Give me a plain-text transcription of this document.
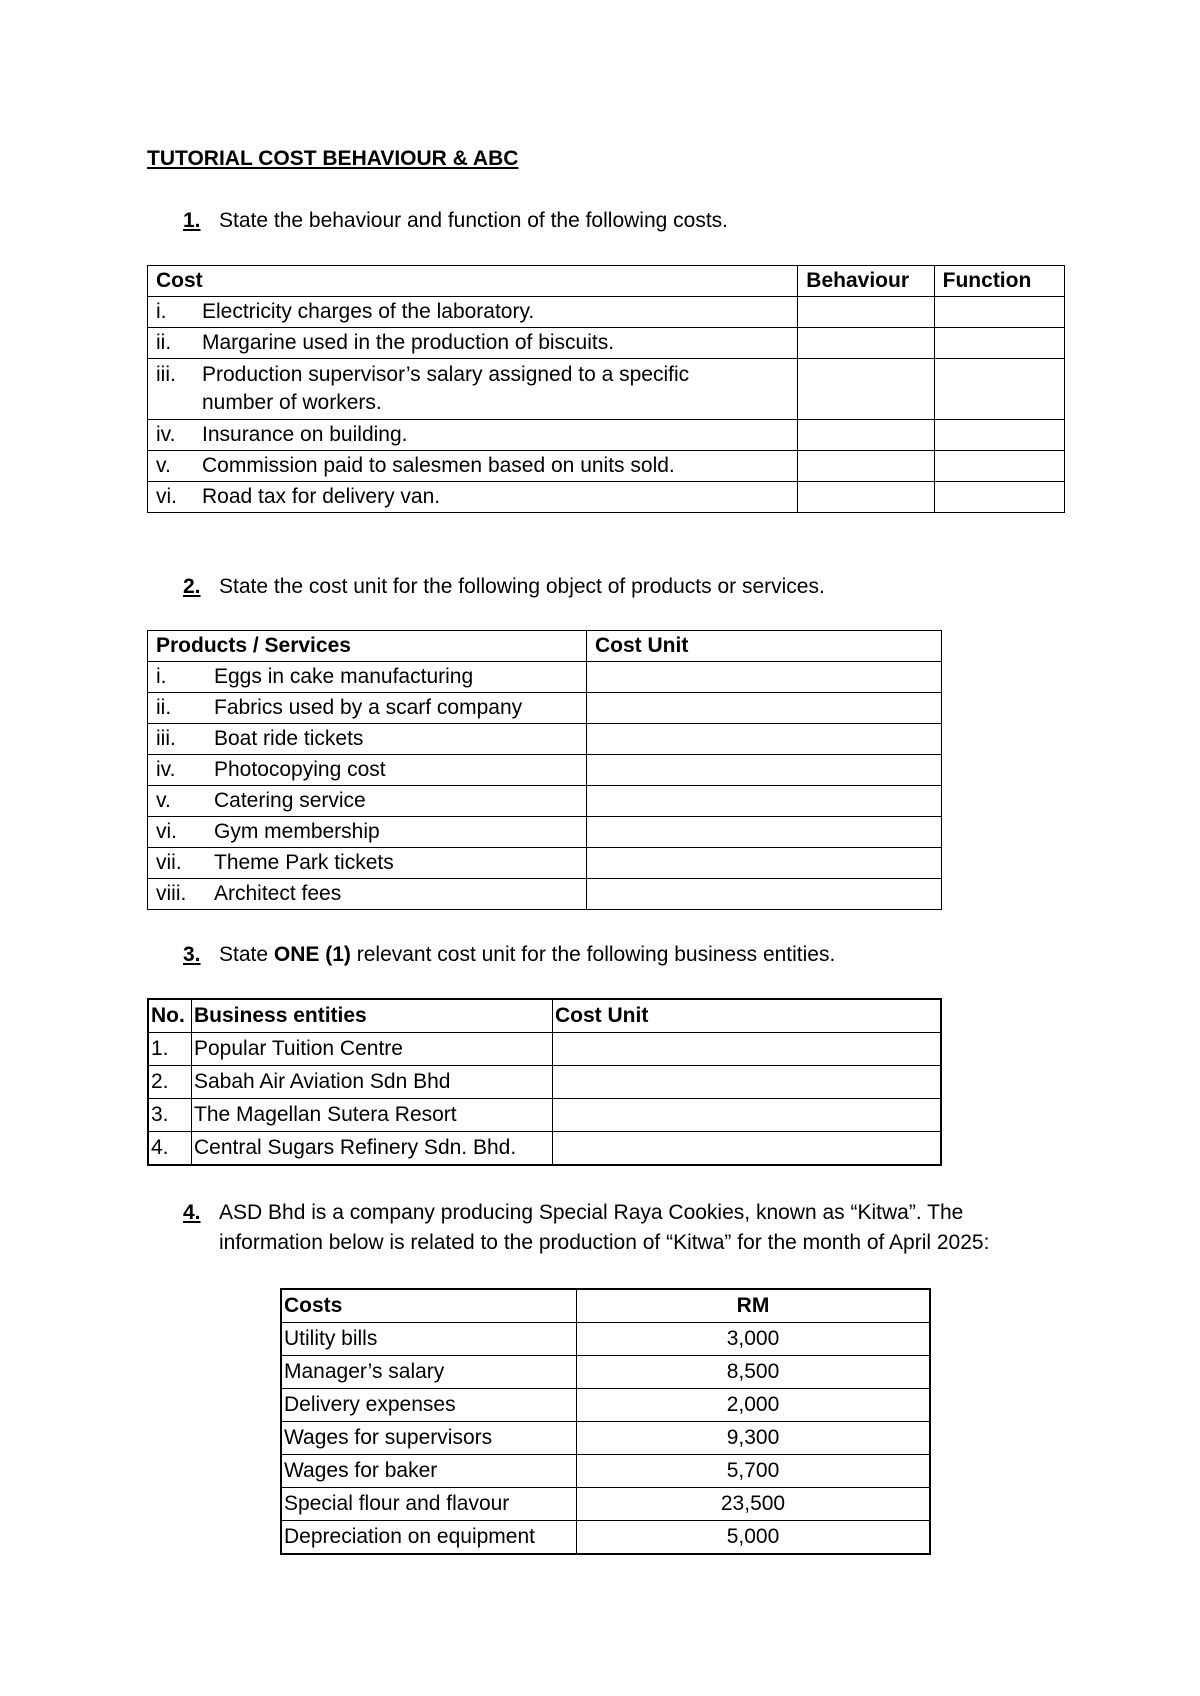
TUTORIAL COST BEHAVIOUR & ABC
1. State the behaviour and function of the following costs.
Cost	Behaviour	Function
i. Electricity charges of the laboratory.		
ii. Margarine used in the production of biscuits.		

iii. Production supervisor’s salary assigned to a specific number of workers.		

iv. Insurance on building.		
v. Commission paid to salesmen based on units sold.		
vi. Road tax for delivery van.		
2. State the cost unit for the following object of products or services.
Products / Services	Cost Unit
i. Eggs in cake manufacturing	
ii. Fabrics used by a scarf company	
iii. Boat ride tickets	
iv. Photocopying cost	
v. Catering service	
vi. Gym membership	
vii. Theme Park tickets	
viii. Architect fees	
3. State ONE (1) relevant cost unit for the following business entities.
No.	Business entities	Cost Unit
1.	Popular Tuition Centre	
2.	Sabah Air Aviation Sdn Bhd	
3.	The Magellan Sutera Resort	
4.	Central Sugars Refinery Sdn. Bhd.	
4. ASD Bhd is a company producing Special Raya Cookies, known as “Kitwa”. The information below is related to the production of “Kitwa” for the month of April 2025:
Costs	RM
Utility bills	3,000
Manager’s salary	8,500
Delivery expenses	2,000
Wages for supervisors	9,300
Wages for baker	5,700
Special flour and flavour	23,500
Depreciation on equipment	5,000
